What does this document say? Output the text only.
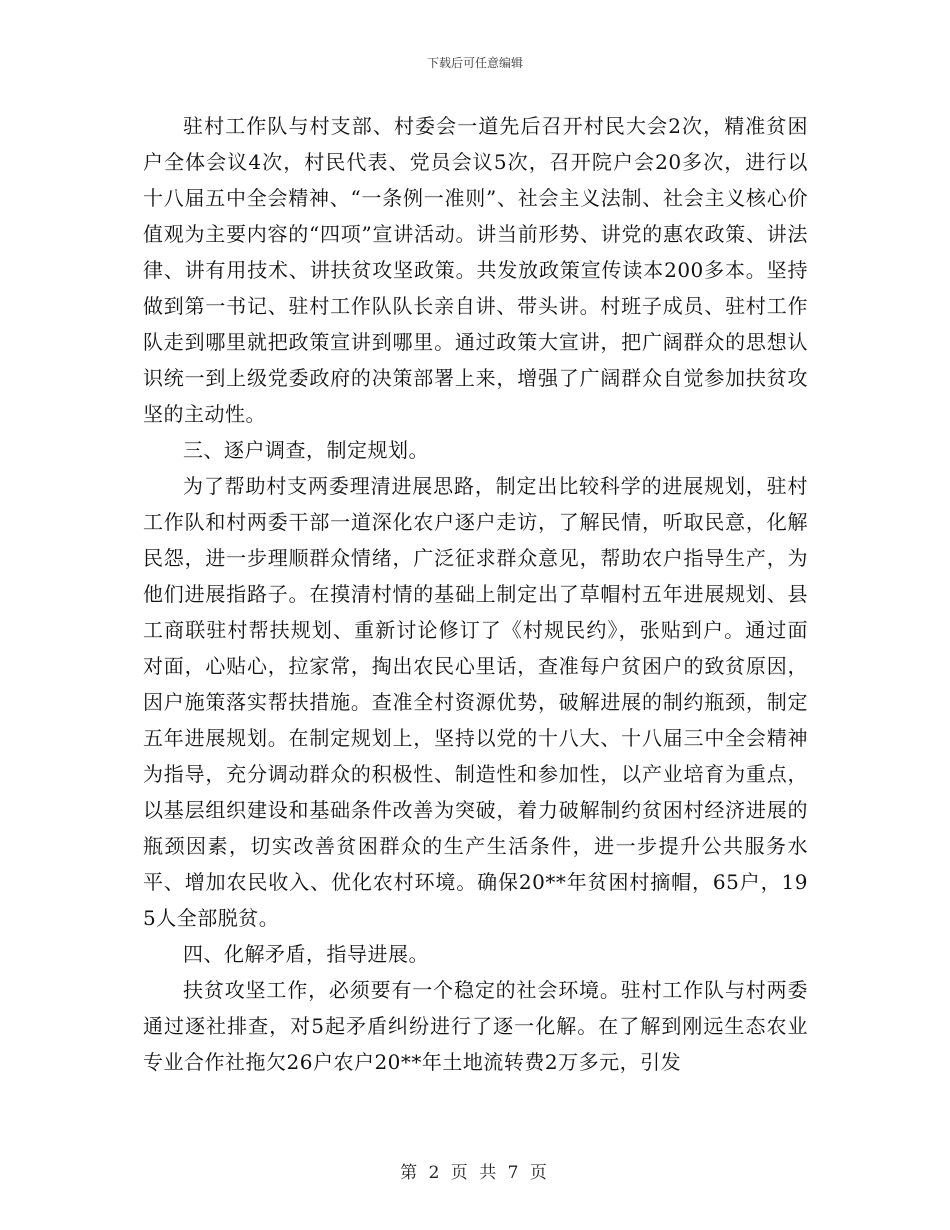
下载后可任意编辑

驻村工作队与村支部、村委会一道先后召开村民大会2次，精准贫困户全体会议4次，村民代表、党员会议5次，召开院户会20多次，进行以十八届五中全会精神、“一条例一准则”、社会主义法制、社会主义核心价值观为主要内容的“四项”宣讲活动。讲当前形势、讲党的惠农政策、讲法律、讲有用技术、讲扶贫攻坚政策。共发放政策宣传读本200多本。坚持做到第一书记、驻村工作队队长亲自讲、带头讲。村班子成员、驻村工作队走到哪里就把政策宣讲到哪里。通过政策大宣讲，把广阔群众的思想认识统一到上级党委政府的决策部署上来，增强了广阔群众自觉参加扶贫攻坚的主动性。

三、逐户调查，制定规划。

为了帮助村支两委理清进展思路，制定出比较科学的进展规划，驻村工作队和村两委干部一道深化农户逐户走访，了解民情，听取民意，化解民怨，进一步理顺群众情绪，广泛征求群众意见，帮助农户指导生产，为他们进展指路子。在摸清村情的基础上制定出了草帽村五年进展规划、县工商联驻村帮扶规划、重新讨论修订了《村规民约》，张贴到户。通过面对面，心贴心，拉家常，掏出农民心里话，查准每户贫困户的致贫原因，因户施策落实帮扶措施。查准全村资源优势，破解进展的制约瓶颈，制定五年进展规划。在制定规划上，坚持以党的十八大、十八届三中全会精神为指导，充分调动群众的积极性、制造性和参加性，以产业培育为重点，以基层组织建设和基础条件改善为突破，着力破解制约贫困村经济进展的瓶颈因素，切实改善贫困群众的生产生活条件，进一步提升公共服务水平、增加农民收入、优化农村环境。确保20**年贫困村摘帽，65户，195人全部脱贫。

四、化解矛盾，指导进展。

扶贫攻坚工作，必须要有一个稳定的社会环境。驻村工作队与村两委通过逐社排查，对5起矛盾纠纷进行了逐一化解。在了解到刚远生态农业专业合作社拖欠26户农户20**年土地流转费2万多元，引发

第 2 页 共 7 页
